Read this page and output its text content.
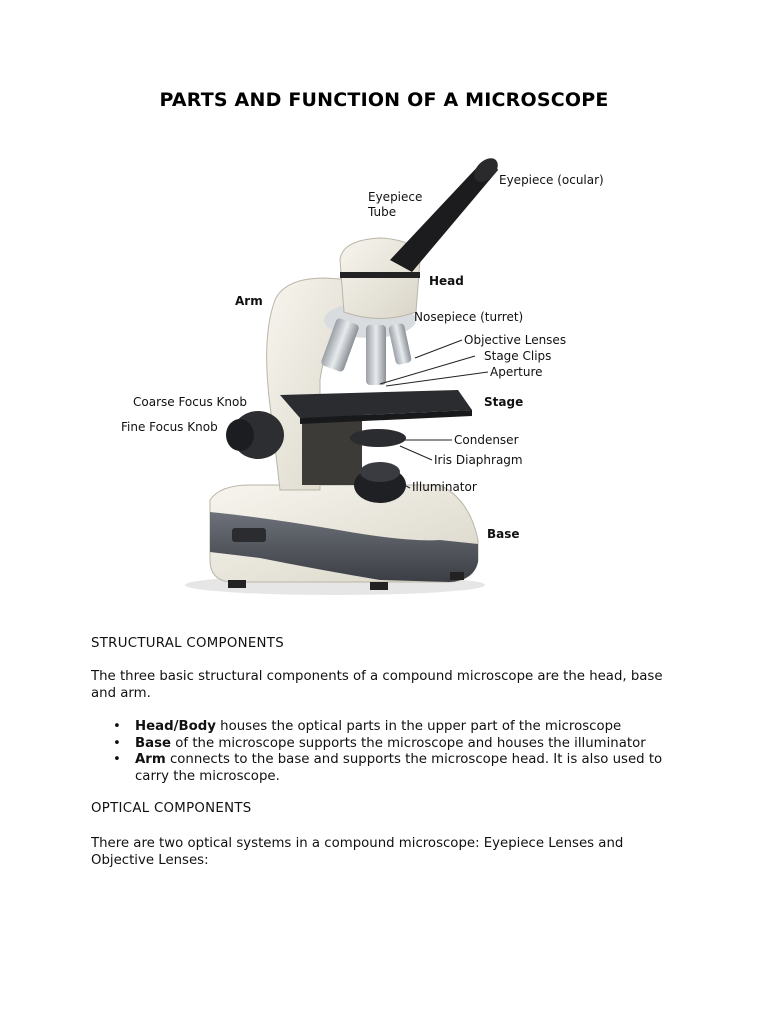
PARTS AND FUNCTION OF A MICROSCOPE
Eyepiece (ocular)
Eyepiece
Tube
Head
Arm
Nosepiece (turret)
Objective Lenses
Stage Clips
Aperture
Coarse Focus Knob	Stage
Fine Focus Knob
Condenser
Iris Diaphragm
Illuminator
Base
STRUCTURAL COMPONENTS
The three basic structural components of a compound microscope are the head, base and arm.
• Head/Body houses the optical parts in the upper part of the microscope
• Base of the microscope supports the microscope and houses the illuminator
• Arm connects to the base and supports the microscope head. It is also used to carry the microscope.
OPTICAL COMPONENTS
There are two optical systems in a compound microscope: Eyepiece Lenses and Objective Lenses:
